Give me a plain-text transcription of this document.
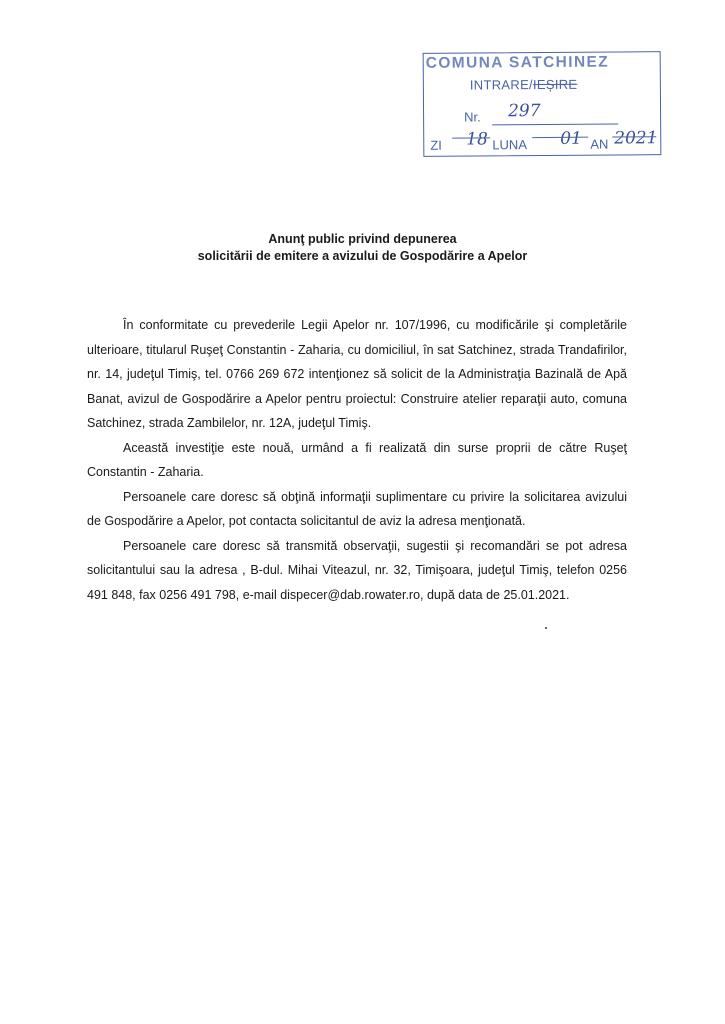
COMUNA SATCHINEZ
INTRARE/IEȘIRE
Nr. 297
ZI 18 LUNA 01 AN 2021
Anunţ public privind depunerea
solicitării de emitere a avizului de Gospodărire a Apelor

În conformitate cu prevederile Legii Apelor nr. 107/1996, cu modificările şi completările ulterioare, titularul Ruşeţ Constantin - Zaharia, cu domiciliul, în sat Satchinez, strada Trandafirilor, nr. 14, judeţul Timiş, tel. 0766 269 672 intenţionez să solicit de la Administraţia Bazinală de Apă Banat, avizul de Gospodărire a Apelor pentru proiectul: Construire atelier reparaţii auto, comuna Satchinez, strada Zambilelor, nr. 12A, judeţul Timiş.

Această investiţie este nouă, urmând a fi realizată din surse proprii de către Ruşeţ Constantin - Zaharia.

Persoanele care doresc să obţină informaţii suplimentare cu privire la solicitarea avizului de Gospodărire a Apelor, pot contacta solicitantul de aviz la adresa menţionată.

Persoanele care doresc să transmită observaţii, sugestii şi recomandări se pot adresa solicitantului sau la adresa , B-dul. Mihai Viteazul, nr. 32, Timişoara, judeţul Timiş, telefon 0256 491 848, fax 0256 491 798, e-mail dispecer@dab.rowater.ro, după data de 25.01.2021.
